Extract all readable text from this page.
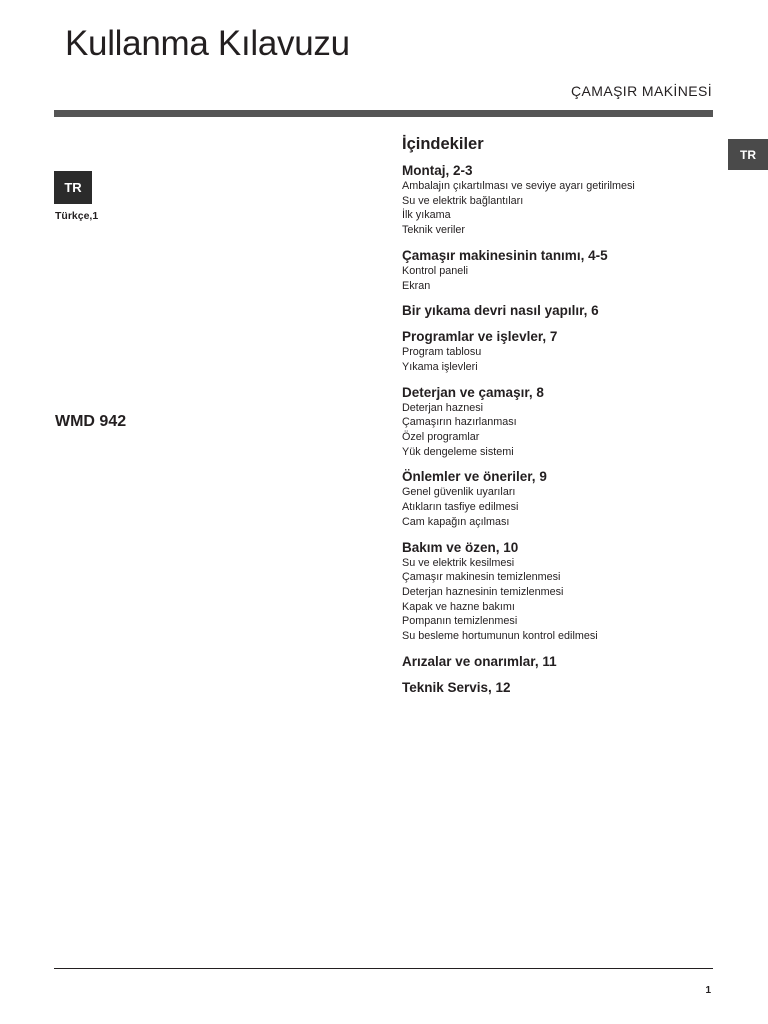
Kullanma Kılavuzu
ÇAMAŞIR MAKİNESİ
TR
TR
Türkçe,1
WMD 942
İçindekiler
Montaj, 2-3
Ambalajın çıkartılması ve seviye ayarı getirilmesi
Su ve elektrik bağlantıları
İlk yıkama
Teknik veriler
Çamaşır makinesinin tanımı, 4-5
Kontrol paneli
Ekran
Bir yıkama devri nasıl yapılır, 6
Programlar ve işlevler, 7
Program tablosu
Yıkama işlevleri
Deterjan ve çamaşır, 8
Deterjan haznesi
Çamaşırın hazırlanması
Özel programlar
Yük dengeleme sistemi
Önlemler ve öneriler, 9
Genel güvenlik uyarıları
Atıkların tasfiye edilmesi
Cam kapağın açılması
Bakım ve özen, 10
Su ve elektrik kesilmesi
Çamaşır makinesin temizlenmesi
Deterjan haznesinin temizlenmesi
Kapak ve hazne bakımı
Pompanın temizlenmesi
Su besleme hortumunun kontrol edilmesi
Arızalar ve onarımlar, 11
Teknik Servis, 12
1
